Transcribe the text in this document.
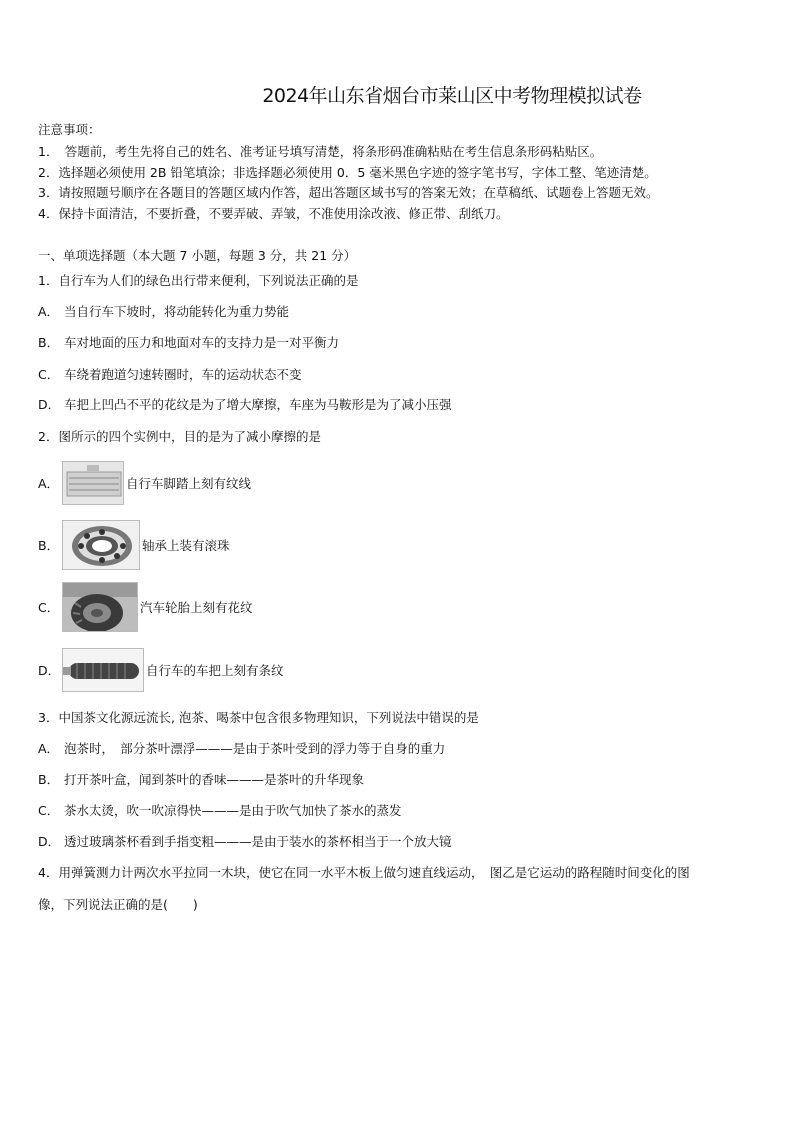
2024年山东省烟台市莱山区中考物理模拟试卷
注意事项：
1．　答题前，考生先将自己的姓名、准考证号填写清楚，将条形码准确粘贴在考生信息条形码粘贴区。
2．选择题必须使用 2B 铅笔填涂；非选择题必须使用 0．5 毫米黑色字迹的签字笔书写，字体工整、笔迹清楚。
3．请按照题号顺序在各题目的答题区域内作答，超出答题区域书写的答案无效；在草稿纸、试题卷上答题无效。
4．保持卡面清洁，不要折叠，不要弄破、弄皱，不准使用涂改液、修正带、刮纸刀。
一、单项选择题（本大题 7 小题，每题 3 分，共 21 分）
1．自行车为人们的绿色出行带来便利，下列说法正确的是
A． 当自行车下坡时，将动能转化为重力势能
B． 车对地面的压力和地面对车的支持力是一对平衡力
C． 车绕着跑道匀速转圈时，车的运动状态不变
D． 车把上凹凸不平的花纹是为了增大摩擦，车座为马鞍形是为了减小压强
2．图所示的四个实例中，目的是为了减小摩擦的是
A．	自行车脚踏上刻有纹线
B．	轴承上装有滚珠
C．	汽车轮胎上刻有花纹
D．	自行车的车把上刻有条纹
3．中国茶文化源远流长, 泡茶、喝茶中包含很多物理知识，下列说法中错误的是
A． 泡茶时，　部分茶叶漂浮———是由于茶叶受到的浮力等于自身的重力
B． 打开茶叶盒，闻到茶叶的香味———是茶叶的升华现象
C． 茶水太烫，吹一吹凉得快———是由于吹气加快了茶水的蒸发
D． 透过玻璃茶杯看到手指变粗———是由于装水的茶杯相当于一个放大镜
4．用弹簧测力计两次水平拉同一木块，使它在同一水平木板上做匀速直线运动，　图乙是它运动的路程随时间变化的图
像，下列说法正确的是(　　)
